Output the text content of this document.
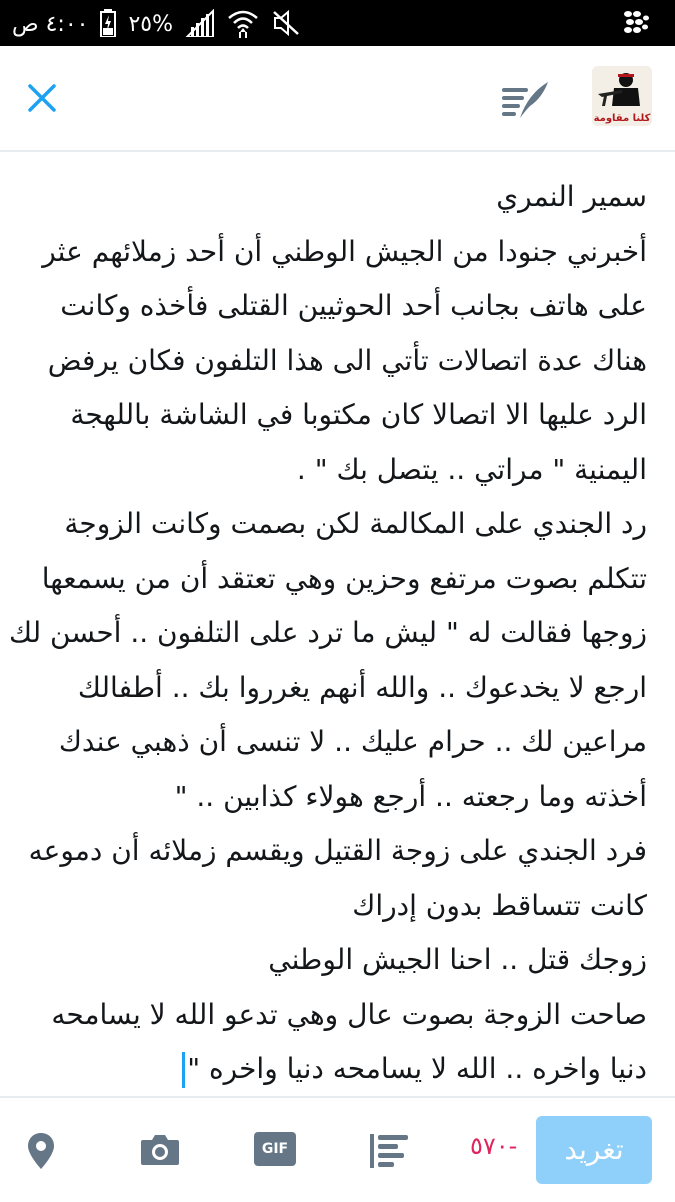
٤:٠٠ ص ٢٥%
كلنا مقاومة
سمير النمري
أخبرني جنودا من الجيش الوطني أن أحد زملائهم عثر
على هاتف بجانب أحد الحوثيين القتلى فأخذه وكانت
هناك عدة اتصالات تأتي الى هذا التلفون فكان يرفض
الرد عليها الا اتصالا كان مكتوبا في الشاشة باللهجة
اليمنية " مراتي .. يتصل بك " .
رد الجندي على المكالمة لكن بصمت وكانت الزوجة
تتكلم بصوت مرتفع وحزين وهي تعتقد أن من يسمعها
زوجها فقالت له " ليش ما ترد على التلفون .. أحسن لك
ارجع لا يخدعوك .. والله أنهم يغرروا بك .. أطفالك
مراعين لك .. حرام عليك .. لا تنسى أن ذهبي عندك
أخذته وما رجعته .. أرجع هولاء كذابين .. "
فرد الجندي على زوجة القتيل ويقسم زملائه أن دموعه
كانت تتساقط بدون إدراك
زوجك قتل .. احنا الجيش الوطني
صاحت الزوجة بصوت عال وهي تدعو الله لا يسامحه
دنيا واخره .. الله لا يسامحه دنيا واخره "
GIF	-٥٧٠	تغريد
